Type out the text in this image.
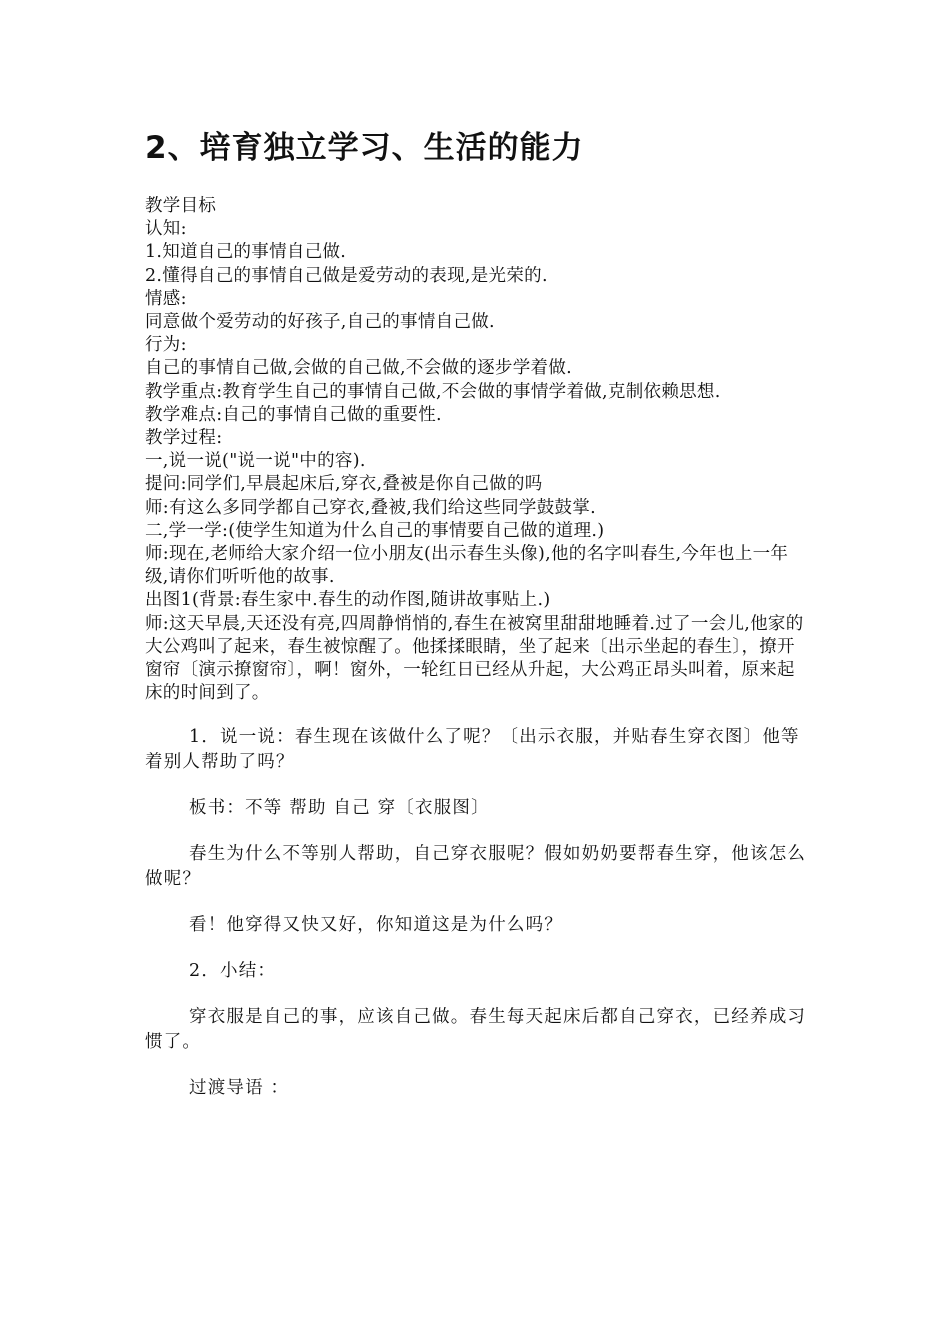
2、培育独立学习、生活的能力

教学目标

认知:

1.知道自己的事情自己做.

2.懂得自己的事情自己做是爱劳动的表现,是光荣的.

情感:

同意做个爱劳动的好孩子,自己的事情自己做.

行为:

自己的事情自己做,会做的自己做,不会做的逐步学着做.

教学重点:教育学生自己的事情自己做,不会做的事情学着做,克制依赖思想.

教学难点:自己的事情自己做的重要性.

教学过程:

一,说一说("说一说"中的容).

提问:同学们,早晨起床后,穿衣,叠被是你自己做的吗

师:有这么多同学都自己穿衣,叠被,我们给这些同学鼓鼓掌.

二,学一学:(使学生知道为什么自己的事情要自己做的道理.)

师:现在,老师给大家介绍一位小朋友(出示春生头像),他的名字叫春生,今年也上一年级,请你们听听他的故事.

出图1(背景:春生家中.春生的动作图,随讲故事贴上.)

师:这天早晨,天还没有亮,四周静悄悄的,春生在被窝里甜甜地睡着.过了一会儿,他家的大公鸡叫了起来，春生被惊醒了。他揉揉眼睛，坐了起来〔出示坐起的春生〕，撩开窗帘〔演示撩窗帘〕，啊！窗外，一轮红日已经从升起，大公鸡正昂头叫着，原来起床的时间到了。

1．说一说：春生现在该做什么了呢？〔出示衣服，并贴春生穿衣图〕他等着别人帮助了吗？

板书：不等 帮助 自己 穿〔衣服图〕

春生为什么不等别人帮助，自己穿衣服呢？假如奶奶要帮春生穿，他该怎么做呢？

看！他穿得又快又好，你知道这是为什么吗？

2．小结：

穿衣服是自己的事，应该自己做。春生每天起床后都自己穿衣，已经养成习惯了。

过渡导语 ：
